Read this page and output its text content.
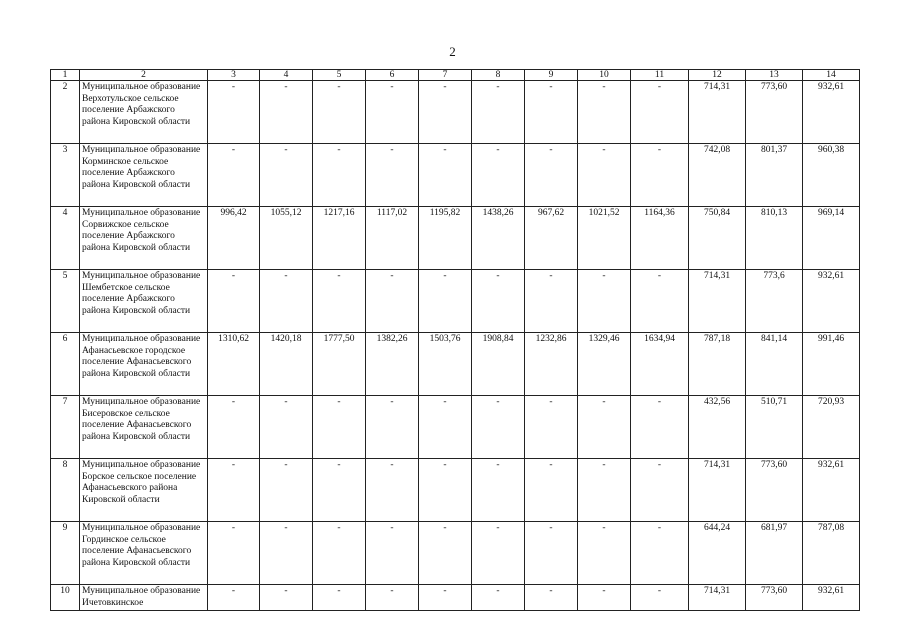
2
1	2	3	4	5	6	7	8	9	10	11	12	13	14
2	Муниципальное образование Верхотульское сельское поселение Арбажского района Кировской области	-	-	-	-	-	-	-	-	-	714,31	773,60	932,61
3	Муниципальное образование Корминское сельское поселение Арбажского района Кировской области	-	-	-	-	-	-	-	-	-	742,08	801,37	960,38
4	Муниципальное образование Сорвижское сельское поселение Арбажского района Кировской области	996,42	1055,12	1217,16	1117,02	1195,82	1438,26	967,62	1021,52	1164,36	750,84	810,13	969,14
5	Муниципальное образование Шембетское сельское поселение Арбажского района Кировской области	-	-	-	-	-	-	-	-	-	714,31	773,6	932,61
6	Муниципальное образование Афанасьевское городское поселение Афанасьевского района Кировской области	1310,62	1420,18	1777,50	1382,26	1503,76	1908,84	1232,86	1329,46	1634,94	787,18	841,14	991,46
7	Муниципальное образование Бисеровское сельское поселение Афанасьевского района Кировской области	-	-	-	-	-	-	-	-	-	432,56	510,71	720,93
8	Муниципальное образование Борское сельское поселение Афанасьевского района Кировской области	-	-	-	-	-	-	-	-	-	714,31	773,60	932,61
9	Муниципальное образование Гординское сельское поселение Афанасьевского района Кировской области	-	-	-	-	-	-	-	-	-	644,24	681,97	787,08
10	Муниципальное образование Ичетовкинское	-	-	-	-	-	-	-	-	-	714,31	773,60	932,61
